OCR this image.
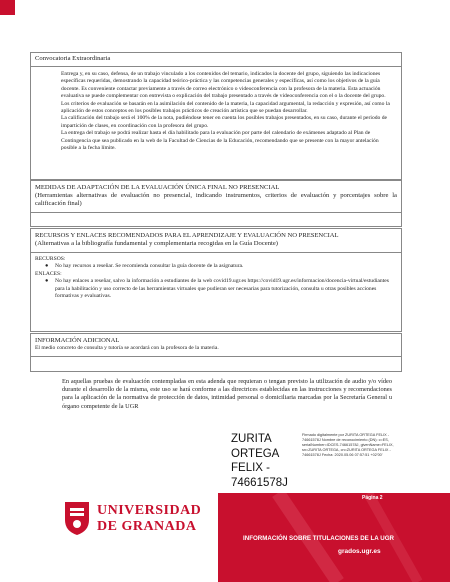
Convocatoria Extraordinaria

Entrega y, en su caso, defensa, de un trabajo vinculado a los contenidos del temario, indicados la docente del grupo, siguiendo las indicaciones específicas requeridas, demostrando la capacidad teórico-práctica y las competencias generales y específicas, así como los objetivos de la guía docente. Es conveniente contactar previamente a través de correo electrónico o videoconferencia con la profesora de la materia. Esta actuación evaluativa se puede complementar con entrevista o explicación del trabajo presentado a través de videoconferencia con el o la docente del grupo.

Los criterios de evaluación se basarán en la asimilación del contenido de la materia, la capacidad argumental, la redacción y expresión, así como la aplicación de estos conceptos en los posibles trabajos prácticos de creación artística que se puedan desarrollar.

La calificación del trabajo será el 100% de la nota, pudiéndose tener en cuenta los posibles trabajos presentados, en su caso, durante el periodo de impartición de clases, en coordinación con la profesora del grupo.

La entrega del trabajo se podrá realizar hasta el día habilitado para la evaluación por parte del calendario de exámenes adaptado al Plan de Contingencia que sea publicado en la web de la Facultad de Ciencias de la Educación, recomendando que se presente con la mayor antelación posible a la fecha límite.

MEDIDAS DE ADAPTACIÓN DE LA EVALUACIÓN ÚNICA FINAL NO PRESENCIAL
(Herramientas alternativas de evaluación no presencial, indicando instrumentos, criterios de evaluación y porcentajes sobre la calificación final)
RECURSOS Y ENLACES RECOMENDADOS PARA EL APRENDIZAJE Y EVALUACIÓN NO PRESENCIAL
(Alternativas a la bibliografía fundamental y complementaria recogidas en la Guía Docente)
RECURSOS:
●	No hay recursos a reseñar. Se recomienda consultar la guía docente de la asignatura.
ENLACES:
●	No hay enlaces a reseñar, salvo la información a estudiantes de la web covid19.ugr.es https://covid19.ugr.es/informacion/docencia-virtual/estudiantes para la habilitación y uso correcto de las herramientas virtuales que pudieran ser necesarias para tutorización, consulta u otras posibles acciones formativas y evaluativas.
INFORMACIÓN ADICIONAL
El medio concreto de consulta y tutoría se acordará con la profesora de la materia.
En aquellas pruebas de evaluación contempladas en esta adenda que requieran o tengan previsto la utilización de audio y/o vídeo durante el desarrollo de la misma, este uso se hará conforme a las directrices establecidas en las instrucciones y recomendaciones para la aplicación de la normativa de protección de datos, intimidad personal o domiciliaria marcadas por la Secretaría General u órgano competente de la UGR
ZURITA ORTEGA FELIX - 74661578J
Firmado digitalmente por ZURITA ORTEGA FELIX - 74661578J Nombre de reconocimiento (DN): c=ES, serialNumber=IDCES-74661578J, givenName=FELIX, sn=ZURITA ORTEGA, cn=ZURITA ORTEGA FELIX - 74661578J Fecha: 2020.05.06 07:57:51 +02'00'
UNIVERSIDAD
DE GRANADA
Página 2
INFORMACIÓN SOBRE TITULACIONES DE LA UGR
grados.ugr.es
